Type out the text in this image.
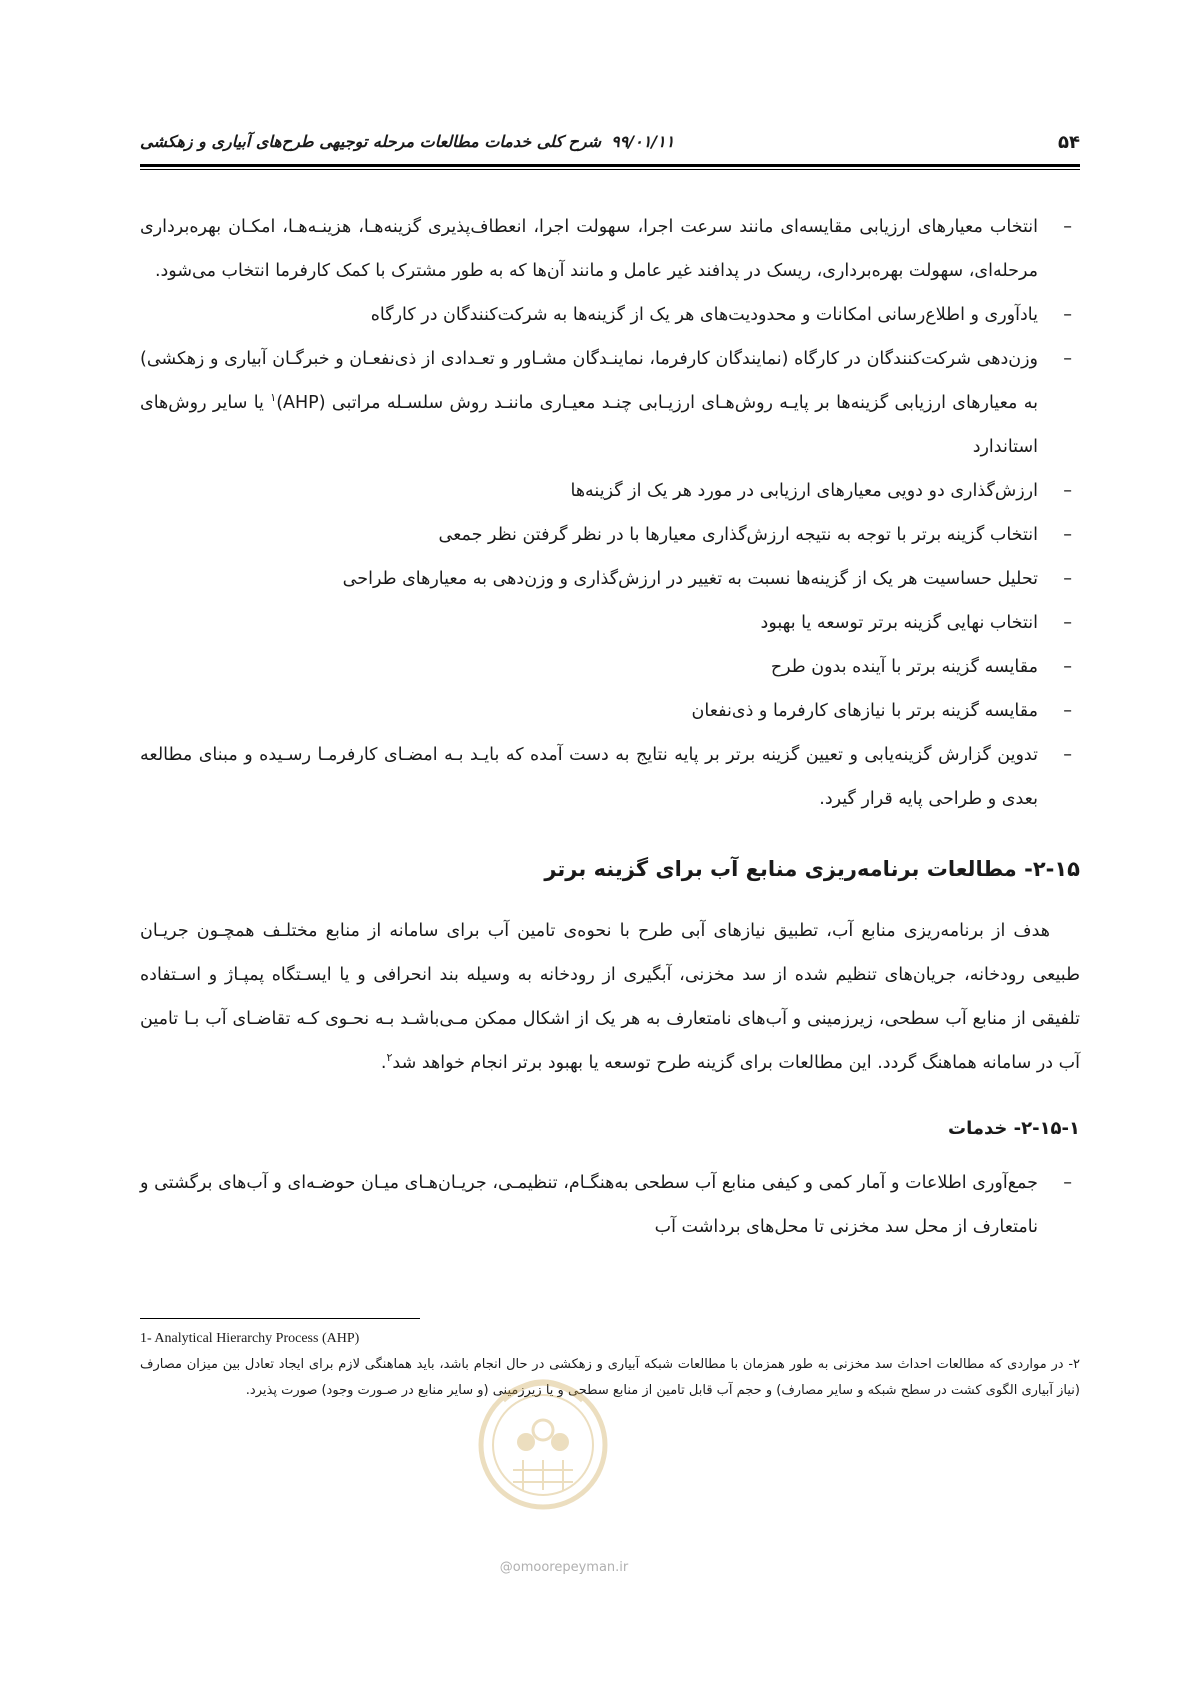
۵۴
۹۹/۰۱/۱۱شرح کلی خدمات مطالعات مرحله توجیهی طرح‌های آبیاری و زهکشی
–
انتخاب معیارهای ارزیابی مقایسه‌ای مانند سرعت اجرا، سهولت اجرا، انعطاف‌پذیری گزینه‌هـا، هزینـه‌هـا، امکـان بهره‌برداری مرحله‌ای، سهولت بهره‌برداری، ریسک در پدافند غیر عامل و مانند آن‌ها که به طور مشترک با کمک کارفرما انتخاب می‌شود.
–
یادآوری و اطلاع‌رسانی امکانات و محدودیت‌های هر یک از گزینه‌ها به شرکت‌کنندگان در کارگاه
–
وزن‌دهی شرکت‌کنندگان در کارگاه (نمایندگان کارفرما، نماینـدگان مشـاور و تعـدادی از ذی‌نفعـان و خبرگـان آبیاری و زهکشی) به معیارهای ارزیابی گزینه‌ها بر پایـه روش‌هـای ارزیـابی چنـد معیـاری ماننـد روش سلسـله مراتبی (AHP)$^۱$ یا سایر روش‌های استاندارد
–
ارزش‌گذاری دو دویی معیارهای ارزیابی در مورد هر یک از گزینه‌ها
–
انتخاب گزینه برتر با توجه به نتیجه ارزش‌گذاری معیارها با در نظر گرفتن نظر جمعی
–
تحلیل حساسیت هر یک از گزینه‌ها نسبت به تغییر در ارزش‌گذاری و وزن‌دهی به معیارهای طراحی
–
انتخاب نهایی گزینه برتر توسعه یا بهبود
–
مقایسه گزینه برتر با آینده بدون طرح
–
مقایسه گزینه برتر با نیازهای کارفرما و ذی‌نفعان
–
تدوین گزارش گزینه‌یابی و تعیین گزینه برتر بر پایه نتایج به دست آمده که بایـد بـه امضـای کارفرمـا رسـیده و مبنای مطالعه بعدی و طراحی پایه قرار گیرد.
۲-۱۵- مطالعات برنامه‌ریزی منابع آب برای گزینه برتر

هدف از برنامه‌ریزی منابع آب، تطبیق نیازهای آبی طرح با نحوه‌ی تامین آب برای سامانه از منابع مختلـف همچـون جریـان طبیعی رودخانه، جریان‌های تنظیم شده از سد مخزنی، آبگیری از رودخانه به وسیله بند انحرافی و یا ایسـتگاه پمپـاژ و اسـتفاده تلفیقی از منابع آب سطحی، زیرزمینی و آب‌های نامتعارف به هر یک از اشکال ممکن مـی‌باشـد بـه نحـوی کـه تقاضـای آب بـا تامین آب در سامانه هماهنگ گردد. این مطالعات برای گزینه طرح توسعه یا بهبود برتر انجام خواهد شد$^۲$.

۲-۱۵-۱- خدمات
–
جمع‌آوری اطلاعات و آمار کمی و کیفی منابع آب سطحی به‌هنگـام، تنظیمـی، جریـان‌هـای میـان حوضـه‌ای و آب‌های برگشتی و نامتعارف از محل سد مخزنی تا محل‌های برداشت آب
1- Analytical Hierarchy Process (AHP)
۲- در مواردی که مطالعات احداث سد مخزنی به طور همزمان با مطالعات شبکه آبیاری و زهکشی در حال انجام باشد، باید هماهنگی لازم برای ایجاد تعادل بین میزان مصارف (نیاز آبیاری الگوی کشت در سطح شبکه و سایر مصارف) و حجم آب قابل تامین از منابع سطحی و یا زیرزمینی (و سایر منابع در صـورت وجود) صورت پذیرد.
@omoorepeyman.ir
